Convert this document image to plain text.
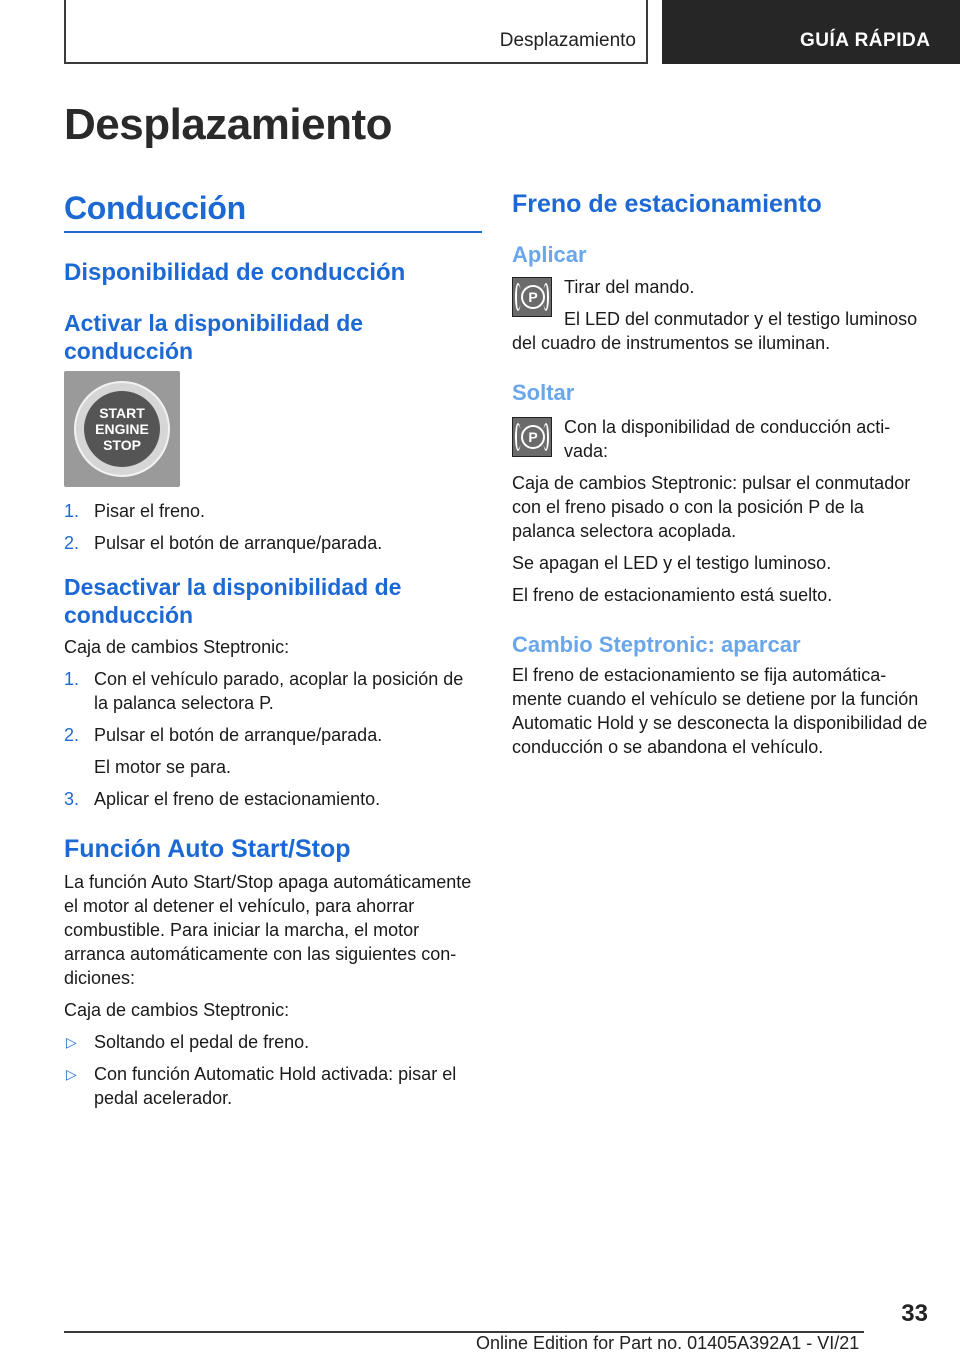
Desplazamiento	GUÍA RÁPIDA
Desplazamiento
Conducción
Disponibilidad de conducción
Activar la disponibilidad de conducción
START
ENGINE
STOP
1. Pisar el freno.
2. Pulsar el botón de arranque/parada.
Desactivar la disponibilidad de conducción

Caja de cambios Steptronic:

1. Con el vehículo parado, acoplar la posición de la palanca selectora P.
2. Pulsar el botón de arranque/parada.
El motor se para.
3. Aplicar el freno de estacionamiento.
Función Auto Start/Stop

La función Auto Start/Stop apaga automáticamente el motor al detener el vehículo, para ahorrar combustible. Para iniciar la marcha, el motor arranca automáticamente con las siguientes condiciones:

Caja de cambios Steptronic:

▷ Soltando el pedal de freno.
▷ Con función Automatic Hold activada: pisar el pedal acelerador.
Freno de estacionamiento
Aplicar
P	Tirar del mando.

El LED del conmutador y el testigo luminoso del cuadro de instrumentos se iluminan.

Soltar
P	Con la disponibilidad de conducción activada:

Caja de cambios Steptronic: pulsar el conmutador con el freno pisado o con la posición P de la palanca selectora acoplada.

Se apagan el LED y el testigo luminoso.

El freno de estacionamiento está suelto.

Cambio Steptronic: aparcar

El freno de estacionamiento se fija automáticamente cuando el vehículo se detiene por la función Automatic Hold y se desconecta la disponibilidad de conducción o se abandona el vehículo.

33
Online Edition for Part no. 01405A392A1 - VI/21
